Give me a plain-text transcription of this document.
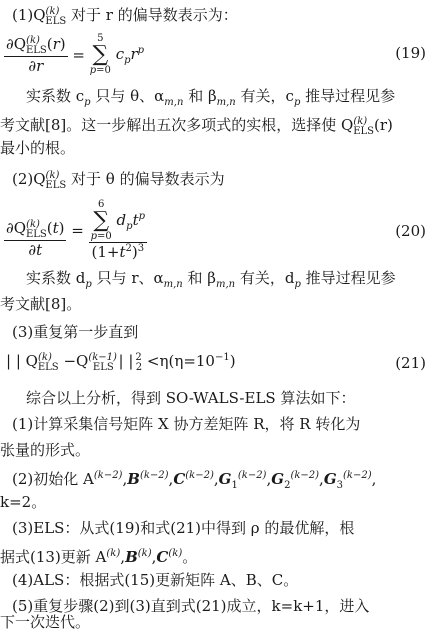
$(1)Q^{(k)}_{ELS}$ 对于 r 的偏导数表示为：
$\frac{\partial Q^{(k)}_{ELS}(r)}{\partial r} = 5$
∑
p=0 $c_pr^p$	(19)
实系数 $c_p$ 只与 θ、$\alpha_{m,n}$ 和 $\beta_{m,n}$ 有关，$c_p$ 推导过程见参
考文献[8]。这一步解出五次多项式的实根，选择使 $Q^{(k)}_{ELS}(r)$
最小的根。
$(2)Q^{(k)}_{ELS}$ 对于 θ 的偏导数表示为
$\frac{\partial Q^{(k)}_{ELS}(t)}{\partial t} = 6$
∑
p=0 $d_pt^p$
$(1+t^2)^3$	(20)
实系数 $d_p$ 只与 r、$\alpha_{m,n}$ 和 $\beta_{m,n}$ 有关，$d_p$ 推导过程见参
考文献[8]。
(3)重复第一步直到
| | $Q^{(k)}_{ELS} -Q^{(k-1)}_{ELS}$ | | $^2_2 <\eta(\eta=10^{-1})$	(21)
综合以上分析，得到 SO-WALS-ELS 算法如下：
(1)计算采集信号矩阵 X 协方差矩阵 R，将 R 转化为
张量的形式。
(2)初始化 $A^{(k-2)},B^{(k-2)},C^{(k-2)},G_1^{(k-2)},G_2^{(k-2)},G_3^{(k-2)}$,
k=2。
(3)ELS：从式(19)和式(21)中得到 ρ 的最优解，根
据式(13)更新 $A^{(k)},B^{(k)},C^{(k)}$。
(4)ALS：根据式(15)更新矩阵 A、B、C。
(5)重复步骤(2)到(3)直到式(21)成立，k=k+1，进入
下一次迭代。
